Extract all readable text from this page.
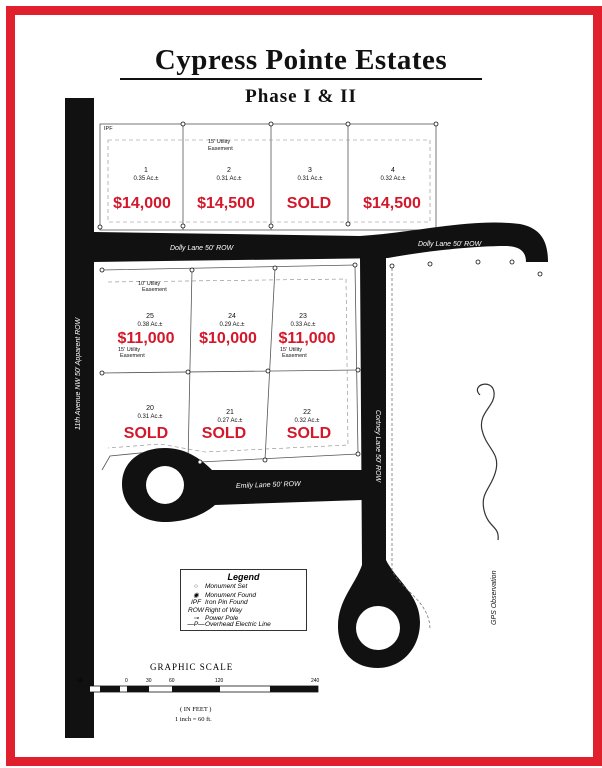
Cypress Pointe Estates
Phase I & II
11th Avenue NW 50' Apparent ROW
Dolly Lane 50' ROW
Dolly Lane 50' ROW
Cortney Lane 50' ROW
Emily Lane 50' ROW
GPS Observation
1
0.35 Ac.±
$14,000
2
0.31 Ac.±
$14,500
3
0.31 Ac.±
SOLD
4
0.32 Ac.±
$14,500
25
0.38 Ac.±
$11,000
24
0.29 Ac.±
$10,000
23
0.33 Ac.±
$11,000
20
0.31 Ac.±
SOLD
21
0.27 Ac.±
SOLD
22
0.32 Ac.±
SOLD
IPF
15' Utility
Easement
10' Utility
Easement
15' Utility
Easement
15' Utility
Easement
Legend
○ Monument Set
◉ Monument Found
IPF Iron Pin Found
ROWRight of Way
⊸ Power Pole
—P—Overhead Electric Line
GRAPHIC SCALE
60	0	30	60	120	240
( IN FEET )
1 inch = 60 ft.
